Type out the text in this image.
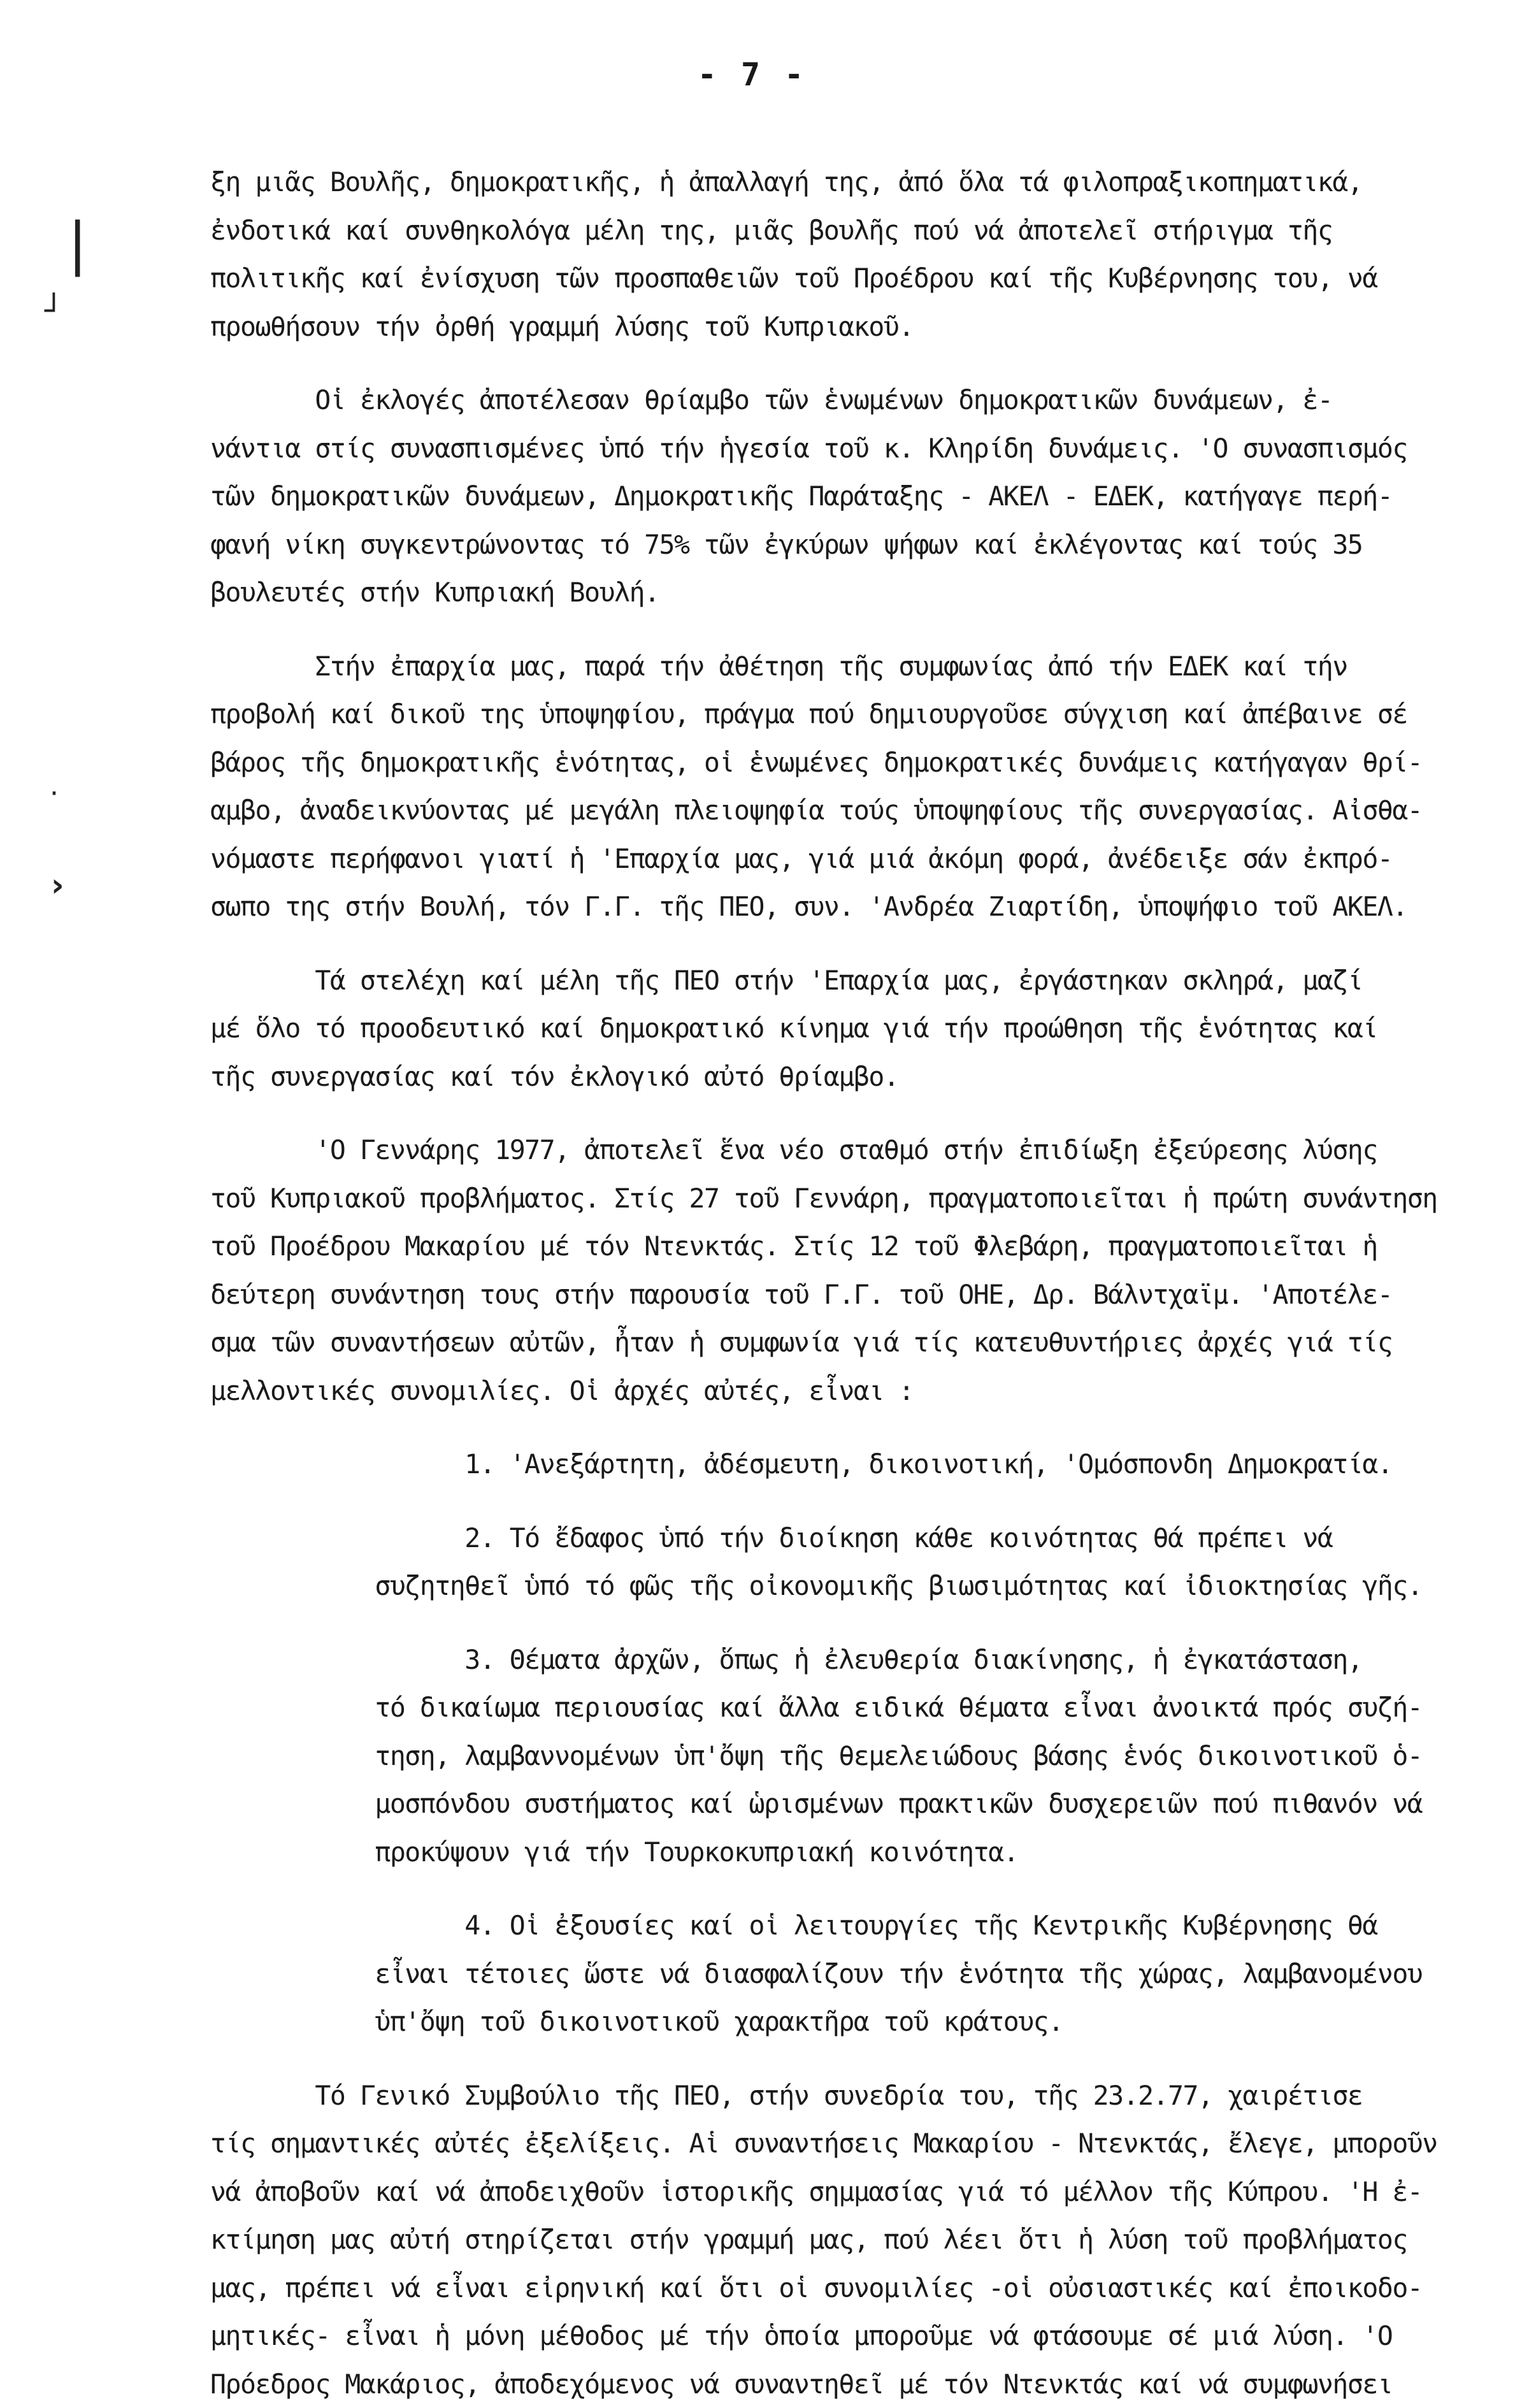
- 7 -
❘
┘
·
›
ξη μιᾶς Βουλῆς, δημοκρατικῆς, ἡ ἀπαλλαγή της, ἀπό ὅλα τά φιλοπραξικοπηματικά,
ἐνδοτικά καί συνθηκολόγα μέλη της, μιᾶς βουλῆς πού νά ἀποτελεῖ στήριγμα τῆς
πολιτικῆς καί ἐνίσχυση τῶν προσπαθειῶν τοῦ Προέδρου καί τῆς Κυβέρνησης του, νά
προωθήσουν τήν ὀρθή γραμμή λύσης τοῦ Κυπριακοῦ.
Οἱ ἐκλογές ἀπoτέλεσαν θρίαμβο τῶν ἑνωμένων δημοκρατικῶν δυνάμεων, ἐ-
νάντια στίς συνασπισμένες ὑπό τήν ἡγεσία τοῦ κ. Κληρίδη δυνάμεις. 'Ο συνασπισμός
τῶν δημοκρατικῶν δυνάμεων, Δημοκρατικῆς Παράταξης - ΑΚΕΛ - ΕΔΕΚ, κατήγαγε περή-
φανή νίκη συγκεντρώνοντας τό 75% τῶν ἐγκύρων ψήφων καί ἐκλέγοντας καί τούς 35
βουλευτές στήν Κυπριακή Βουλή.
Στήν ἐπαρχία μας, παρά τήν ἀθέτηση τῆς συμφωνίας ἀπό τήν ΕΔΕΚ καί τήν
προβολή καί δικοῦ της ὑποψηφίου, πράγμα πού δημιουργοῦσε σύγχιση καί ἀπέβαινε σέ
βάρος τῆς δημοκρατικῆς ἑνότητας, οἱ ἑνωμένες δημοκρατικές δυνάμεις κατήγαγαν θρί-
αμβο, ἀναδεικνύοντας μέ μεγάλη πλειοψηφία τούς ὑποψηφίους τῆς συνεργασίας. Αἰσθα-
νόμαστε περήφανοι γιατί ἡ 'Επαρχία μας, γιά μιά ἀκόμη φορά, ἀνέδειξε σάν ἐκπρό-
σωπο της στήν Βουλή, τόν Γ.Γ. τῆς ΠΕΟ, συν. 'Ανδρέα Ζιαρτίδη, ὑποψήφιο τοῦ ΑΚΕΛ.
Τά στελέχη καί μέλη τῆς ΠΕΟ στήν 'Επαρχία μας, ἐργάστηκαν σκληρά, μαζί
μέ ὅλο τό προοδευτικό καί δημοκρατικό κίνημα γιά τήν προώθηση τῆς ἑνότητας καί
τῆς συνεργασίας καί τόν ἐκλογικό αὐτό θρίαμβο.
'Ο Γεννάρης 1977, ἀποτελεῖ ἕνα νέο σταθμό στήν ἐπιδίωξη ἐξεύρεσης λύσης
τοῦ Κυπριακοῦ προβλήματος. Στίς 27 τοῦ Γεννάρη, πραγματοποιεῖται ἡ πρώτη συνάντηση
τοῦ Προέδρου Μακαρίου μέ τόν Ντενκτάς. Στίς 12 τοῦ Φλεβάρη, πραγματοποιεῖται ἡ
δεύτερη συνάντηση τους στήν παρουσία τοῦ Γ.Γ. τοῦ ΟΗΕ, Δρ. Βάλντχαϊμ. 'Αποτέλε-
σμα τῶν συναντήσεων αὐτῶν, ἦταν ἡ συμφωνία γιά τίς κατευθυντήριες ἀρχές γιά τίς
μελλοντικές συνομιλίες. Οἱ ἀρχές αὐτές, εἶναι :
1. 'Ανεξάρτητη, ἀδέσμευτη, δικοινοτική, 'Ομόσπονδη Δημοκρατία.
2. Τό ἔδαφος ὑπό τήν διοίκηση κάθε κοινότητας θά πρέπει νά
συζητηθεῖ ὑπό τό φῶς τῆς οἰκονομικῆς βιωσιμότητας καί ἰδιοκτησίας γῆς.
3. Θέματα ἀρχῶν, ὅπως ἡ ἐλευθερία διακίνησης, ἡ ἐγκατάσταση,
τό δικαίωμα περιουσίας καί ἄλλα ειδικά θέματα εἶναι ἀνοικτά πρός συζή-
τηση, λαμβαννομένων ὑπ'ὄψη τῆς θεμελειώδους βάσης ἑνός δικοινοτικοῦ ὁ-
μοσπόνδου συστήματος καί ὡρισμένων πρακτικῶν δυσχερειῶν πού πιθανόν νά
προκύψουν γιά τήν Τουρκοκυπριακή κοινότητα.
4. Οἱ ἐξουσίες καί οἱ λειτουργίες τῆς Κεντρικῆς Κυβέρνησης θά
εἶναι τέτοιες ὥστε νά διασφαλίζουν τήν ἑνότητα τῆς χώρας, λαμβανομένου
ὑπ'ὄψη τοῦ δικοινοτικοῦ χαρακτῆρα τοῦ κράτους.
Τό Γενικό Συμβούλιο τῆς ΠΕΟ, στήν συνεδρία του, τῆς 23.2.77, χαιρέτισε
τίς σημαντικές αὐτές ἐξελίξεις. Αἱ συναντήσεις Μακαρίου - Ντενκτάς, ἔλεγε, μποροῦν
νά ἀποβοῦν καί νά ἀποδειχθοῦν ἱστορικῆς σημμασίας γιά τό μέλλον τῆς Κύπρου. 'Η ἐ-
κτίμηση μας αὐτή στηρίζεται στήν γραμμή μας, πού λέει ὅτι ἡ λύση τοῦ προβλήματος
μας, πρέπει νά εἶναι εἰρηνική καί ὅτι οἱ συνομιλίες -οἱ οὐσιαστικές καί ἐποικοδο-
μητικές- εἶναι ἡ μόνη μέθοδος μέ τήν ὁποία μποροῦμε νά φτάσουμε σέ μιά λύση. 'Ο
Πρόεδρος Μακάριος, ἀποδεχόμενος νά συναντηθεῖ μέ τόν Ντενκτάς καί νά συμφωνήσει
